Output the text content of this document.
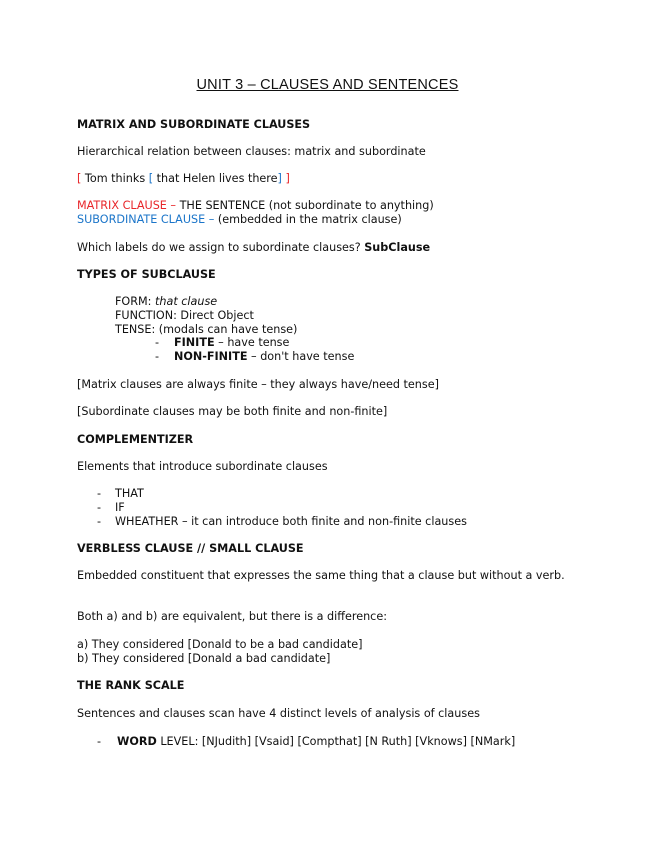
UNIT 3 – CLAUSES AND SENTENCES
MATRIX AND SUBORDINATE CLAUSES
Hierarchical relation between clauses: matrix and subordinate
[ Tom thinks [ that Helen lives there] ]
MATRIX CLAUSE – THE SENTENCE (not subordinate to anything)
SUBORDINATE CLAUSE – (embedded in the matrix clause)
Which labels do we assign to subordinate clauses? SubClause
TYPES OF SUBCLAUSE
FORM: that clause
FUNCTION: Direct Object
TENSE: (modals can have tense)
- FINITE – have tense
- NON-FINITE – don't have tense
[Matrix clauses are always finite – they always have/need tense]
[Subordinate clauses may be both finite and non-finite]
COMPLEMENTIZER
Elements that introduce subordinate clauses
- THAT
- IF
- WHEATHER – it can introduce both finite and non-finite clauses
VERBLESS CLAUSE // SMALL CLAUSE
Embedded constituent that expresses the same thing that a clause but without a verb.
Both a) and b) are equivalent, but there is a difference:
a) They considered [Donald to be a bad candidate]
b) They considered [Donald a bad candidate]
THE RANK SCALE
Sentences and clauses scan have 4 distinct levels of analysis of clauses
- WORD LEVEL: [NJudith] [Vsaid] [Compthat] [N Ruth] [Vknows] [NMark]
